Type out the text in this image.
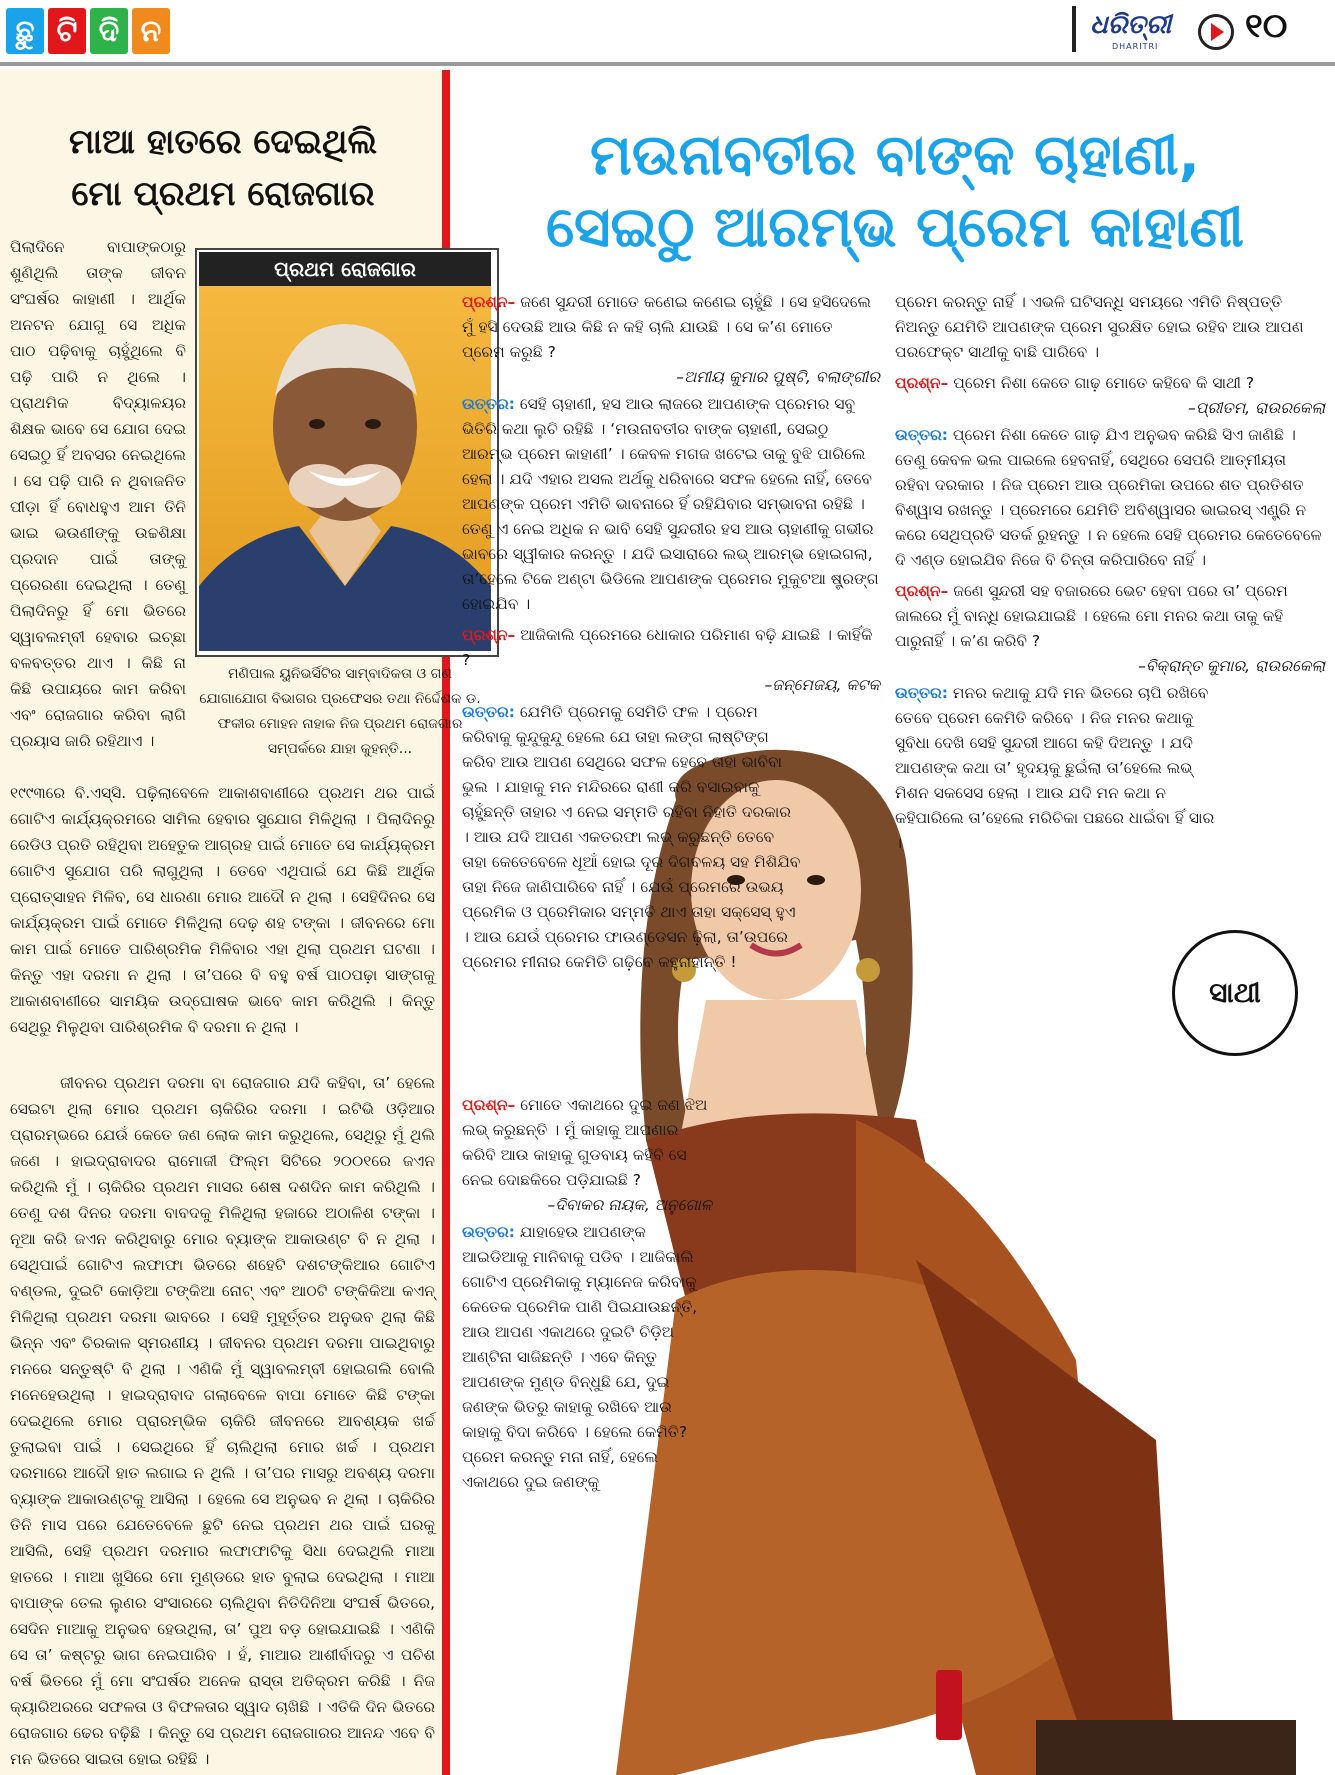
ଛୁ ଟି ଦି ନ	ଧରିତ୍ରୀ
DHARITRI
୧୦
ମାଆ ହାତରେ ଦେଇଥିଲି
ମୋ ପ୍ରଥମ ରୋଜଗାର
ପ୍ରଥମ ରୋଜଗାର
ମଣିପାଲ ୟୁନିଭର୍ସିଟିର ସାମ୍ବାଦିକତା ଓ ଗଣ ଯୋଗାଯୋଗ ବିଭାଗର ପ୍ରଫେସର ତଥା ନିର୍ଦ୍ଦେଶକ ଡ. ଫକୀର ମୋହନ ନାହାକ ନିଜ ପ୍ରଥମ ରୋଜଗାର ସମ୍ପର୍କରେ ଯାହା କୁହନ୍ତି...
ପିଲାଦିନେ ବାପାଙ୍କଠାରୁ ଶୁଣିଥିଲି ତାଙ୍କ ଜୀବନ ସଂଘର୍ଷର କାହାଣୀ । ଆର୍ଥିକ ଅନଟନ ଯୋଗୁ ସେ ଅଧିକ ପାଠ ପଢ଼ିବାକୁ ଚାହୁଁଥିଲେ ବି ପଢ଼ି ପାରି ନ ଥିଲେ । ପ୍ରାଥମିକ ବିଦ୍ୟାଳୟର ଶିକ୍ଷକ ଭାବେ ସେ ଯୋଗ ଦେଇ ସେଇଠୁ ହିଁ ଅବସର ନେଇଥିଲେ । ସେ ପଢ଼ି ପାରି ନ ଥିବାଜନିତ ପୀଡ଼ା ହିଁ ବୋଧହୁଏ ଆମ ତିନି ଭାଇ ଭଉଣୀଙ୍କୁ ଉଚ୍ଚଶିକ୍ଷା ପ୍ରଦାନ ପାଇଁ ତାଙ୍କୁ ପ୍ରେରଣା ଦେଇଥିଲା । ତେଣୁ ପିଲାଦିନରୁ ହିଁ ମୋ ଭିତରେ ସ୍ୱାବଲମ୍ବୀ ହେବାର ଇଚ୍ଛା ବଳବତ୍ତର ଥାଏ । କିଛି ନା କିଛି ଉପାୟରେ କାମ କରିବା ଏବଂ ରୋଜଗାର କରିବା ଲାଗି ପ୍ରୟାସ ଜାରି ରହିଥାଏ ।
୧୯୯୩ରେ ବି.ଏସ୍‌ସି. ପଢ଼ିଲାବେଳେ ଆକାଶବାଣୀରେ ପ୍ରଥମ ଥର ପାଇଁ ଗୋଟିଏ କାର୍ଯ୍ୟକ୍ରମରେ ସାମିଲ ହେବାର ସୁଯୋଗ ମିଳିଥିଲା । ପିଲାଦିନରୁ ରେଡିଓ ପ୍ରତି ରହିଥିବା ଅହେତୁକ ଆଗ୍ରହ ପାଇଁ ମୋତେ ସେ କାର୍ଯ୍ୟକ୍ରମ ଗୋଟିଏ ସୁଯୋଗ ପରି ଲାଗୁଥିଲା । ତେବେ ଏଥିପାଇଁ ଯେ କିଛି ଆର୍ଥିକ ପ୍ରୋତ୍ସାହନ ମିଳିବ, ସେ ଧାରଣା ମୋର ଆଦୌ ନ ଥିଲା । ସେହିଦିନର ସେ କାର୍ଯ୍ୟକ୍ରମ ପାଇଁ ମୋତେ ମିଳିଥିଲା ଦେଢ଼ ଶହ ଟଙ୍କା । ଜୀବନରେ ମୋ କାମ ପାଇଁ ମୋତେ ପାରିଶ୍ରମିକ ମିଳିବାର ଏହା ଥିଲା ପ୍ରଥମ ଘଟଣା । କିନ୍ତୁ ଏହା ଦରମା ନ ଥିଲା । ତା’ପରେ ବି ବହୁ ବର୍ଷ ପାଠପଢ଼ା ସାଙ୍ଗକୁ ଆକାଶବାଣୀରେ ସାମୟିକ ଉଦ୍‌ଘୋଷକ ଭାବେ କାମ କରିଥିଲି । କିନ୍ତୁ ସେଥିରୁ ମିଳୁଥିବା ପାରିଶ୍ରମିକ ବି ଦରମା ନ ଥିଲା ।
ଜୀବନର ପ୍ରଥମ ଦରମା ବା ରୋଜଗାର ଯଦି କହିବା, ତା’ ହେଲେ ସେଇଟା ଥିଲା ମୋର ପ୍ରଥମ ଚାକିରିର ଦରମା । ଇଟିଭି ଓଡ଼ିଆର ପ୍ରାରମ୍ଭରେ ଯେଉଁ କେତେ ଜଣ ଲୋକ କାମ କରୁଥିଲେ, ସେଥିରୁ ମୁଁ ଥିଲି ଜଣେ । ହାଇଦ୍ରାବାଦର ରାମୋଜୀ ଫିଲ୍ମ ସିଟିରେ ୨୦୦୧ରେ ଜଏନ କରିଥିଲି ମୁଁ । ଚାକିରିର ପ୍ରଥମ ମାସର ଶେଷ ଦଶଦିନ କାମ କରିଥିଲି । ତେଣୁ ଦଶ ଦିନର ଦରମା ବାବଦକୁ ମିଳିଥିଲା ହଜାରେ ଅଠାଳିଶ ଟଙ୍କା । ନୂଆ କରି ଜଏନ କରିଥିବାରୁ ମୋର ବ୍ୟାଙ୍କ ଆକାଉଣ୍ଟ ବି ନ ଥିଲା । ସେଥିପାଇଁ ଗୋଟିଏ ଲଫାଫା ଭିତରେ ଶହେଟି ଦଶଟଙ୍କିଆର ଗୋଟିଏ ବଣ୍ଡଲ, ଦୁଇଟି କୋଡ଼ିଆ ଟଙ୍କିଆ ନୋଟ୍ ଏବଂ ଆଠଟି ଟଙ୍କିକିଆ କଏନ୍ ମିଳିଥିଲା ପ୍ରଥମ ଦରମା ଭାବରେ । ସେହି ମୁହୂର୍ତ୍ତର ଅନୁଭବ ଥିଲା କିଛି ଭିନ୍ନ ଏବଂ ଚିରକାଳ ସ୍ମରଣୀୟ । ଜୀବନର ପ୍ରଥମ ଦରମା ପାଇଥିବାରୁ ମନରେ ସନ୍ତୁଷ୍ଟି ବି ଥିଲା । ଏଣିକି ମୁଁ ସ୍ୱାବଲମ୍ବୀ ହୋଇଗଲି ବୋଲି ମନେହେଉଥିଲା । ହାଇଦ୍ରାବାଦ ଗଲାବେଳେ ବାପା ମୋତେ କିଛି ଟଙ୍କା ଦେଇଥିଲେ ମୋର ପ୍ରାରମ୍ଭିକ ଚାକିରି ଜୀବନରେ ଆବଶ୍ୟକ ଖର୍ଚ୍ଚ ତୁଲାଇବା ପାଇଁ । ସେଇଥିରେ ହିଁ ଚାଲିଥିଲା ମୋର ଖର୍ଚ୍ଚ । ପ୍ରଥମ ଦରମାରେ ଆଦୌ ହାତ ଲଗାଇ ନ ଥିଲି । ତା’ପର ମାସରୁ ଅବଶ୍ୟ ଦରମା ବ୍ୟାଙ୍କ ଆକାଉଣ୍ଟକୁ ଆସିଲା । ହେଲେ ସେ ଅନୁଭବ ନ ଥିଲା । ଚାକିରିର ତିନି ମାସ ପରେ ଯେତେବେଳେ ଛୁଟି ନେଇ ପ୍ରଥମ ଥର ପାଇଁ ଘରକୁ ଆସିଲି, ସେହି ପ୍ରଥମ ଦରମାର ଲଫାଫାଟିକୁ ସିଧା ଦେଇଥିଲି ମାଆ ହାତରେ । ମାଆ ଖୁସିରେ ମୋ ମୁଣ୍ଡରେ ହାତ ବୁଲାଇ ଦେଇଥିଲା । ମାଆ ବାପାଙ୍କ ତେଲ ଲୁଣର ସଂସାରରେ ଚାଲିଥିବା ନିତିଦିନିଆ ସଂଘର୍ଷ ଭିତରେ, ସେଦିନ ମାଆକୁ ଅନୁଭବ ହେଉଥିଲା, ତା’ ପୁଅ ବଡ଼ ହୋଇଯାଇଛି । ଏଣିକି ସେ ତା’ କଷ୍ଟରୁ ଭାଗ ନେଇପାରିବ । ହଁ, ମାଆର ଆଶୀର୍ବାଦରୁ ଏ ପଚିଶ ବର୍ଷ ଭିତରେ ମୁଁ ମୋ ସଂଘର୍ଷର ଅନେକ ରାସ୍ତା ଅତିକ୍ରମ କରିଛି । ନିଜ କ୍ୟାରିଅରରେ ସଫଳତା ଓ ବିଫଳତାର ସ୍ୱାଦ ଚାଖିଛି । ଏତିକି ଦିନ ଭିତରେ ରୋଜଗାର ଢେର ବଢ଼ିଛି । କିନ୍ତୁ ସେ ପ୍ରଥମ ରୋଜଗାରର ଆନନ୍ଦ ଏବେ ବି ମନ ଭିତରେ ସାଇତା ହୋଇ ରହିଛି ।
ମଉନାବତୀର ବାଙ୍କ ଚାହାଣୀ,
ସେଇଠୁ ଆରମ୍ଭ ପ୍ରେମ କାହାଣୀ
ସାଥୀ
ପ୍ରଶ୍ନ– ଜଣେ ସୁନ୍ଦରୀ ମୋତେ କଣେଇ କଣେଇ ଚାହୁଁଛି । ସେ ହସିଦେଲେ ମୁଁ ହସି ଦେଉଛି ଆଉ କିଛି ନ କହି ଚାଲି ଯାଉଛି । ସେ କ’ଣ ମୋତେ ପ୍ରେମ କରୁଛି ?
–ଅମୀୟ କୁମାର ପୁଷ୍ଟି, ବଲାଙ୍ଗୀର
ଉତ୍ତର: ସେହି ଚାହାଣୀ, ହସ ଆଉ ଲାଜରେ ଆପଣଙ୍କ ପ୍ରେମର ସବୁ ଭିତିରି କଥା ଲୁଚି ରହିଛି । ‘ମଉନାବତୀର ବାଙ୍କ ଚାହାଣୀ, ସେଇଠୁ ଆରମ୍ଭ ପ୍ରେମ କାହାଣୀ’ । କେବଳ ମଗଜ ଖଟେଇ ତାକୁ ବୁଝି ପାରିଲେ ହେଲା । ଯଦି ଏହାର ଅସଲ ଅର୍ଥକୁ ଧରିବାରେ ସଫଳ ହେଲେ ନାହିଁ, ତେବେ ଆପଣଙ୍କ ପ୍ରେମ ଏମିତି ଭାବନାରେ ହିଁ ରହିଯିବାର ସମ୍ଭାବନା ରହିଛି । ତେଣୁ ଏ ନେଇ ଅଧିକ ନ ଭାବି ସେହି ସୁନ୍ଦରୀର ହସ ଆଉ ଚାହାଣୀକୁ ଗଭୀର ଭାବରେ ସ୍ୱୀକାର କରନ୍ତୁ । ଯଦି ଇସାରାରେ ଲଭ୍ ଆରମ୍ଭ ହୋଇଗଲା, ତା’ହେଲେ ଟିକେ ଅଣ୍ଟା ଭିଡିଲେ ଆପଣଙ୍କ ପ୍ରେମର ମୁକୁଟଆ ଷ୍ଟ୍ରଙ୍ଗ ହୋଇଯିବ ।
ପ୍ରଶ୍ନ– ଆଜିକାଲି ପ୍ରେମରେ ଧୋକାର ପରିମାଣ ବଢ଼ି ଯାଇଛି । କାହିଁକି ?
–ଜନ୍ମେଜୟ, କଟକ
ଉତ୍ତର: ଯେମିତି ପ୍ରେମକୁ ସେମିତି ଫଳ । ପ୍ରେମ କରିବାକୁ କୁନ୍ଦୁକୁନ୍ଦୁ ହେଲେ ଯେ ତାହା ଲଙ୍ଗ ଲାଷ୍ଟିଙ୍ଗ କରିବ ଆଉ ଆପଣ ସେଥିରେ ସଫଳ ହେବେ ତାହା ଭାବିବା ଭୁଲ । ଯାହାକୁ ମନ ମନ୍ଦିରରେ ରାଣୀ କରି ବସାଇବାକୁ ଚାହୁଁଛନ୍ତି ତାହାର ଏ ନେଇ ସମ୍ମତି ରହିବା ନିହାତି ଦରକାର । ଆଉ ଯଦି ଆପଣ ଏକତରଫା ଲଭ୍ କରୁଛନ୍ତି ତେବେ ତାହା କେତେବେଳେ ଧୂଆଁ ହୋଇ ଦୂର ଦିଗବଳୟ ସହ ମିଶିଯିବ ତାହା ନିଜେ ଜାଣିପାରିବେ ନାହିଁ । ଯେଉଁ ପ୍ରେମରେ ଉଭୟ ପ୍ରେମିକ ଓ ପ୍ରେମିକାର ସମ୍ମତି ଥାଏ ତାହା ସକ୍‌ସେସ୍ ହୁଏ । ଆଉ ଯେଉଁ ପ୍ରେମର ଫାଉଣ୍ଡେସନ ଢ଼ିଲା, ତା’ଉପରେ ପ୍ରେମର ମୀନାର କେମିତି ଗଢ଼ିବେ କହୁନାହାନ୍ତି !
ପ୍ରଶ୍ନ– ମୋତେ ଏକାଥରେ ଦୁଇ ଜଣ ଝିଅ ଲଭ୍ କରୁଛନ୍ତି । ମୁଁ କାହାକୁ ଆପଣାର କରିବି ଆଉ କାହାକୁ ଗୁଡବାୟ କହିବି ସେ ନେଇ ଦୋଛକିରେ ପଡ଼ିଯାଇଛି ?
–ଦିବାକର ନାୟକ, ଅନୁଗୋଳ
ଉତ୍ତର: ଯାହାହେଉ ଆପଣଙ୍କ ଆଇଡିଆକୁ ମାନିବାକୁ ପଡିବ । ଆଜିକାଲି ଗୋଟିଏ ପ୍ରେମିକାକୁ ମ୍ୟାନେଜ କରିବାକୁ କେତେକ ପ୍ରେମିକ ପାଣି ପିଇଯାଉଛନ୍ତି, ଆଉ ଆପଣ ଏକାଥରେ ଦୁଇଟି ଚିଡ଼ିଅ ଆଣ୍ଟିନା ସାଜିଛନ୍ତି । ଏବେ କିନ୍ତୁ ଆପଣଙ୍କ ମୁଣ୍ଡ ବିନ୍ଧୁଛି ଯେ, ଦୁଇ ଜଣଙ୍କ ଭିତରୁ କାହାକୁ ରଖିବେ ଆଉ କାହାକୁ ବିଦା କରିବେ । ହେଲେ କେମିତି? ପ୍ରେମ କରନ୍ତୁ ମନା ନାହିଁ, ହେଲେ ଏକାଥରେ ଦୁଇ ଜଣଙ୍କୁ
ପ୍ରେମ କରନ୍ତୁ ନାହିଁ । ଏଭଳି ଘଟିସନ୍ଧି ସମୟରେ ଏମିତି ନିଷ୍ପତ୍ତି ନିଅନ୍ତୁ ଯେମିତି ଆପଣଙ୍କ ପ୍ରେମ ସୁରକ୍ଷିତ ହୋଇ ରହିବ ଆଉ ଆପଣ ପରଫେକ୍ଟ ସାଥୀକୁ ବାଛି ପାରିବେ ।
ପ୍ରଶ୍ନ– ପ୍ରେମ ନିଶା କେତେ ଗାଢ଼ ମୋତେ କହିବେ କି ସାଥୀ ?
–ପ୍ରୀତମ, ରାଉରକେଲା
ଉତ୍ତର: ପ୍ରେମ ନିଶା କେତେ ଗାଢ଼ ଯିଏ ଅନୁଭବ କରିଛି ସିଏ ଜାଣିଛି । ତେଣୁ କେବଳ ଭଲ ପାଇଲେ ହେବନାହିଁ, ସେଥିରେ ସେପରି ଆତ୍ମୀୟତା ରହିବା ଦରକାର । ନିଜ ପ୍ରେମ ଆଉ ପ୍ରେମିକା ଉପରେ ଶତ ପ୍ରତିଶତ ବିଶ୍ୱାସ ରଖନ୍ତୁ । ପ୍ରେମରେ ଯେମିତି ଅବିଶ୍ୱାସର ଭାଇରସ୍ ଏଣ୍ଟ୍ରି ନ କରେ ସେଥିପ୍ରତି ସତର୍କ ରୁହନ୍ତୁ । ନ ହେଲେ ସେହି ପ୍ରେମର କେତେବେଳେ ଦି ଏଣ୍ଡ ହୋଇଯିବ ନିଜେ ବି ଚିନ୍ତା କରିପାରିବେ ନାହିଁ ।
ପ୍ରଶ୍ନ– ଜଣେ ସୁନ୍ଦରୀ ସହ ବଜାରରେ ଭେଟ ହେବା ପରେ ତା’ ପ୍ରେମ ଜାଲରେ ମୁଁ ବାନ୍ଧି ହୋଇଯାଇଛି । ହେଲେ ମୋ ମନର କଥା ତାକୁ କହି ପାରୁନାହିଁ । କ’ଣ କରିବି ?
–ବିକ୍ରାନ୍ତ କୁମାର, ରାଉରକେଲା
ଉତ୍ତର: ମନର କଥାକୁ ଯଦି ମନ ଭିତରେ ଚାପି ରଖିବେ ତେବେ ପ୍ରେମ କେମିତି କରିବେ । ନିଜ ମନର କଥାକୁ ସୁବିଧା ଦେଖି ସେହି ସୁନ୍ଦରୀ ଆଗେ କହି ଦିଅନ୍ତୁ । ଯଦି ଆପଣଙ୍କ କଥା ତା’ ହୃଦୟକୁ ଛୁଇଁଲା ତା’ହେଲେ ଲଭ୍ ମିଶନ ସକସେସ ହେଲା । ଆଉ ଯଦି ମନ କଥା ନ କହିପାରିଲେ ତା’ହେଲେ ମରିଚିକା ପଛରେ ଧାଇଁବା ହିଁ ସାର ।
